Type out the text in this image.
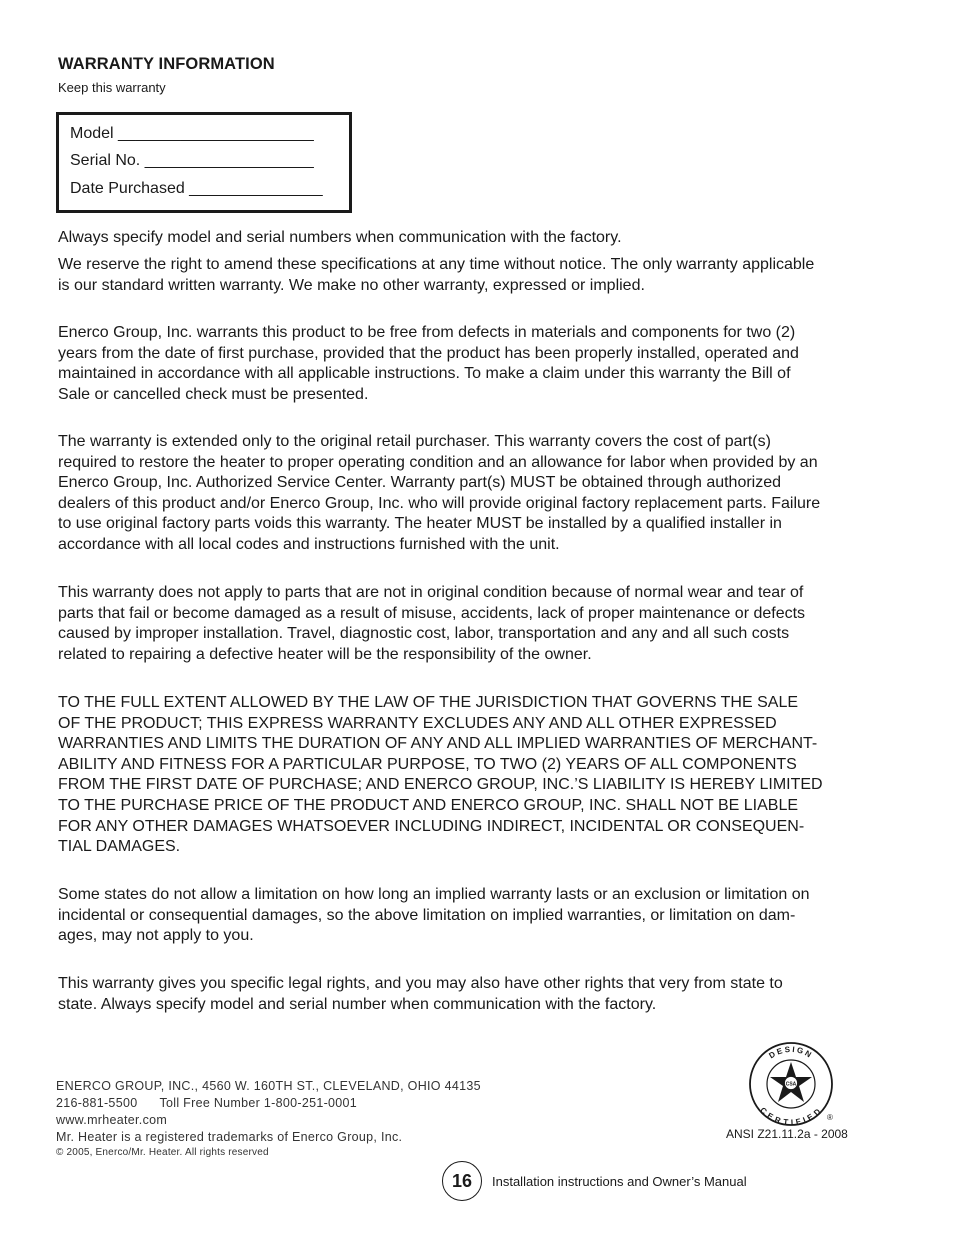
WARRANTY INFORMATION
Keep this warranty
Model ______________________
Serial No. ___________________
Date Purchased _______________
Always specify model and serial numbers when communication with the factory.
We reserve the right to amend these specifications at any time without notice. The only warranty applicable
is our standard written warranty. We make no other warranty, expressed or implied.
Enerco Group, Inc. warrants this product to be free from defects in materials and components for two (2)
years from the date of first purchase, provided that the product has been properly installed, operated and
maintained in accordance with all applicable instructions. To make a claim under this warranty the Bill of
Sale or cancelled check must be presented.
The warranty is extended only to the original retail purchaser. This warranty covers the cost of part(s)
required to restore the heater to proper operating condition and an allowance for labor when provided by an
Enerco Group, Inc. Authorized Service Center. Warranty part(s) MUST be obtained through authorized
dealers of this product and/or Enerco Group, Inc. who will provide original factory replacement parts. Failure
to use original factory parts voids this warranty. The heater MUST be installed by a qualified installer in
accordance with all local codes and instructions furnished with the unit.
This warranty does not apply to parts that are not in original condition because of normal wear and tear of
parts that fail or become damaged as a result of misuse, accidents, lack of proper maintenance or defects
caused by improper installation. Travel, diagnostic cost, labor, transportation and any and all such costs
related to repairing a defective heater will be the responsibility of the owner.
TO THE FULL EXTENT ALLOWED BY THE LAW OF THE JURISDICTION THAT GOVERNS THE SALE
OF THE PRODUCT; THIS EXPRESS WARRANTY EXCLUDES ANY AND ALL OTHER EXPRESSED
WARRANTIES AND LIMITS THE DURATION OF ANY AND ALL IMPLIED WARRANTIES OF MERCHANT-
ABILITY AND FITNESS FOR A PARTICULAR PURPOSE, TO TWO (2) YEARS OF ALL COMPONENTS
FROM THE FIRST DATE OF PURCHASE; AND ENERCO GROUP, INC.’S LIABILITY IS HEREBY LIMITED
TO THE PURCHASE PRICE OF THE PRODUCT AND ENERCO GROUP, INC. SHALL NOT BE LIABLE
FOR ANY OTHER DAMAGES WHATSOEVER INCLUDING INDIRECT, INCIDENTAL OR CONSEQUEN-
TIAL DAMAGES.
Some states do not allow a limitation on how long an implied warranty lasts or an exclusion or limitation on
incidental or consequential damages, so the above limitation on implied warranties, or limitation on dam-
ages, may not apply to you.
This warranty gives you specific legal rights, and you may also have other rights that very from state to
state. Always specify model and serial number when communication with the factory.
ENERCO GROUP, INC., 4560 W. 160TH ST., CLEVELAND, OHIO 44135
216-881-5500 Toll Free Number 1-800-251-0001
www.mrheater.com
Mr. Heater is a registered trademarks of Enerco Group, Inc.
© 2005, Enerco/Mr. Heater. All rights reserved
CSA
DESIGN
CERTIFIED
®
ANSI Z21.11.2a - 2008
16	Installation instructions and Owner’s Manual
